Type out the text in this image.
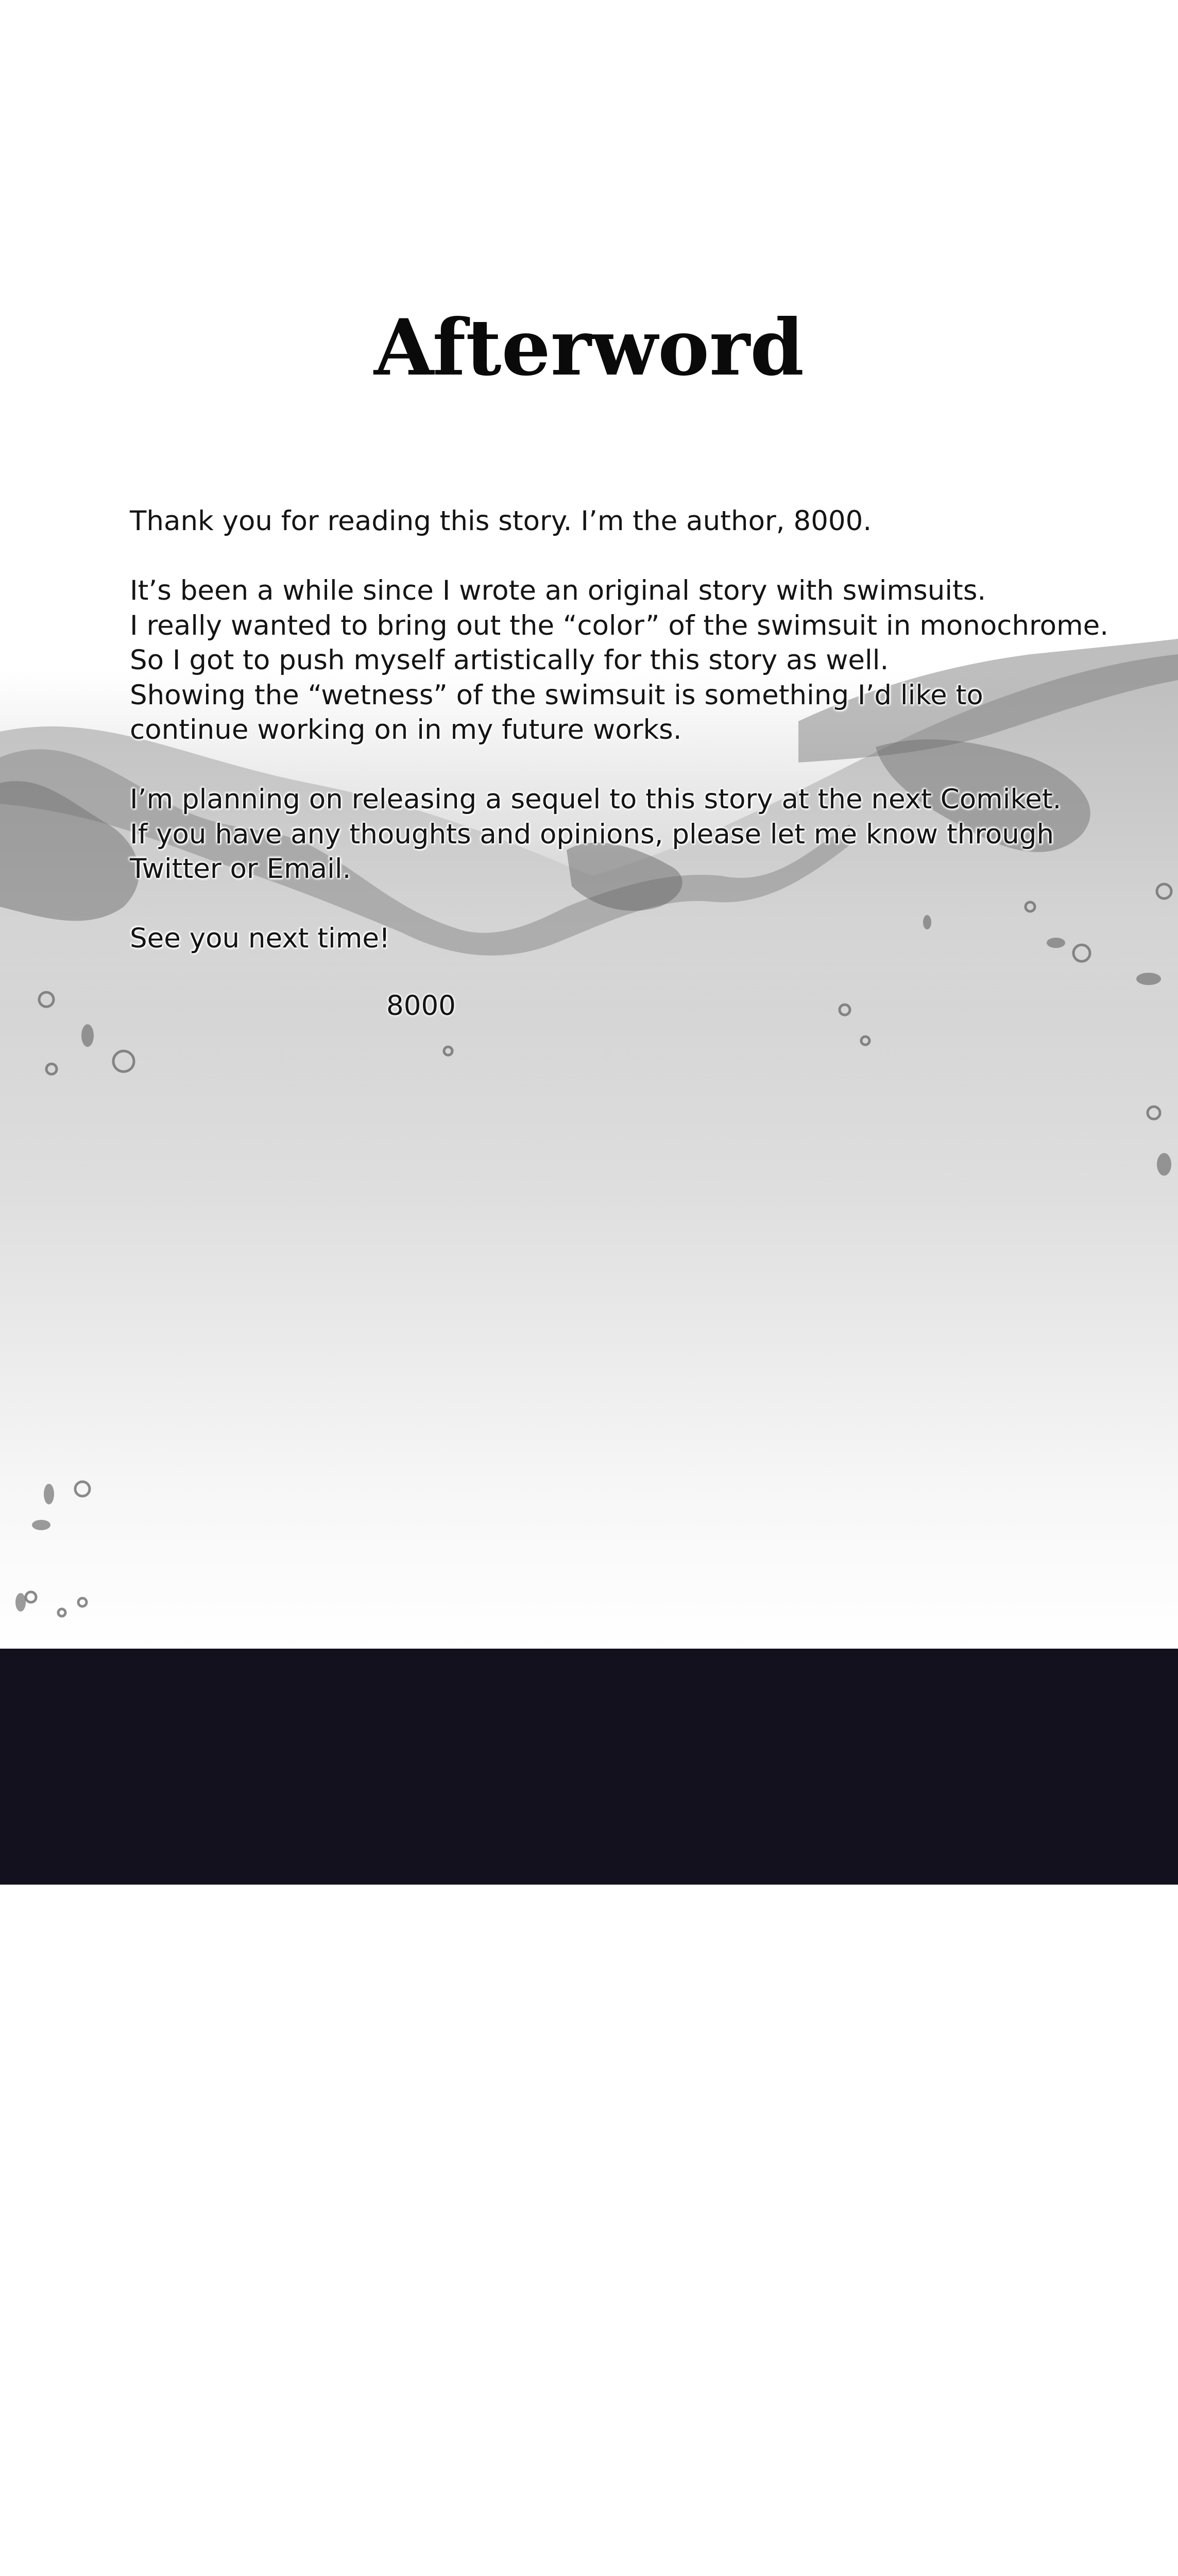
Afterword

Thank you for reading this story. I’m the author, 8000.

It’s been a while since I wrote an original story with swimsuits.

I really wanted to bring out the “color” of the swimsuit in monochrome.

So I got to push myself artistically for this story as well.

Showing the “wetness” of the swimsuit is something I’d like to

continue working on in my future works.

I’m planning on releasing a sequel to this story at the next Comiket.

If you have any thoughts and opinions, please let me know through

Twitter or Email.

See you next time!

8000
